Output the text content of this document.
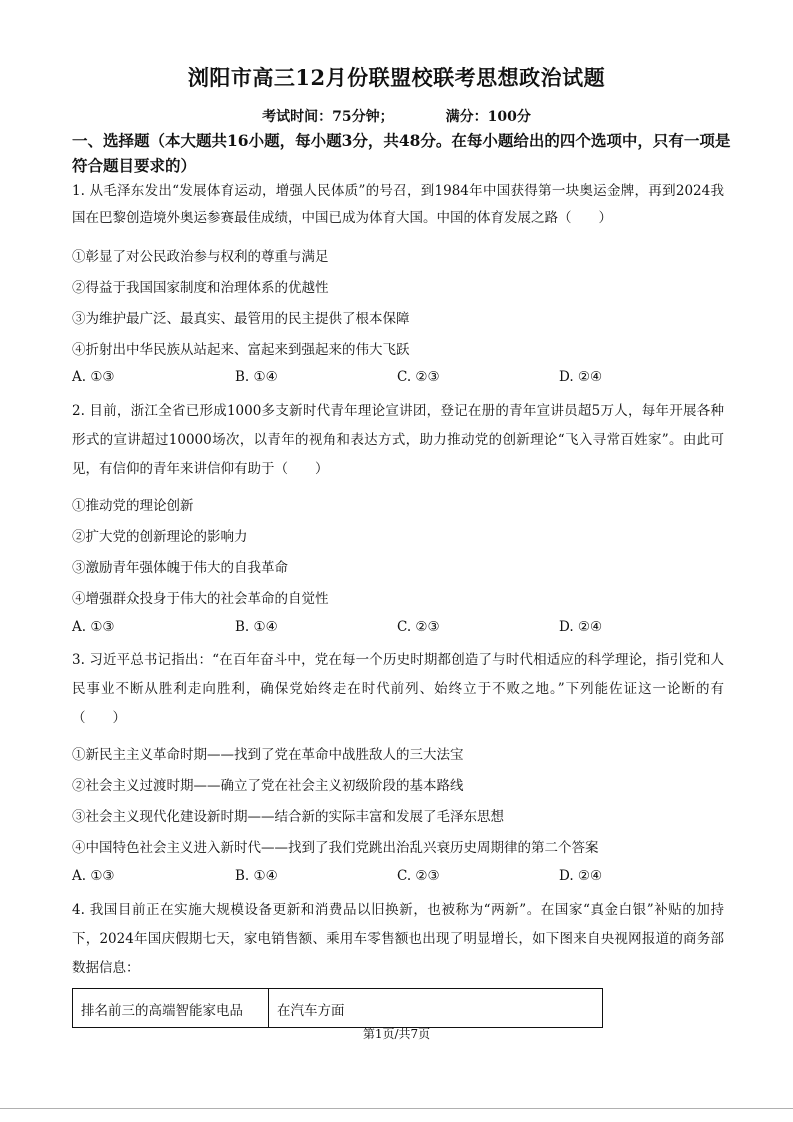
浏阳市高三12月份联盟校联考思想政治试题
考试时间：75分钟；	满分：100分
一、选择题（本大题共16小题，每小题3分，共48分。在每小题给出的四个选项中，只有一项是符合题目要求的）
1. 从毛泽东发出“发展体育运动，增强人民体质”的号召，到1984年中国获得第一块奥运金牌，再到2024我国在巴黎创造境外奥运参赛最佳成绩，中国已成为体育大国。中国的体育发展之路（　　）
①彰显了对公民政治参与权利的尊重与满足
②得益于我国国家制度和治理体系的优越性
③为维护最广泛、最真实、最管用的民主提供了根本保障
④折射出中华民族从站起来、富起来到强起来的伟大飞跃
A. ①③	B. ①④	C. ②③	D. ②④
2. 目前，浙江全省已形成1000多支新时代青年理论宣讲团，登记在册的青年宣讲员超5万人，每年开展各种形式的宣讲超过10000场次，以青年的视角和表达方式，助力推动党的创新理论“飞入寻常百姓家”。由此可见，有信仰的青年来讲信仰有助于（　　）
①推动党的理论创新
②扩大党的创新理论的影响力
③激励青年强体魄于伟大的自我革命
④增强群众投身于伟大的社会革命的自觉性
A. ①③	B. ①④	C. ②③	D. ②④
3. 习近平总书记指出：“在百年奋斗中，党在每一个历史时期都创造了与时代相适应的科学理论，指引党和人民事业不断从胜利走向胜利，确保党始终走在时代前列、始终立于不败之地。”下列能佐证这一论断的有（　　）
①新民主主义革命时期——找到了党在革命中战胜敌人的三大法宝
②社会主义过渡时期——确立了党在社会主义初级阶段的基本路线
③社会主义现代化建设新时期——结合新的实际丰富和发展了毛泽东思想
④中国特色社会主义进入新时代——找到了我们党跳出治乱兴衰历史周期律的第二个答案
A. ①③	B. ①④	C. ②③	D. ②④
4. 我国目前正在实施大规模设备更新和消费品以旧换新，也被称为“两新”。在国家“真金白银”补贴的加持下，2024年国庆假期七天，家电销售额、乘用车零售额也出现了明显增长，如下图来自央视网报道的商务部数据信息：
排名前三的高端智能家电品	在汽车方面
第1页/共7页
